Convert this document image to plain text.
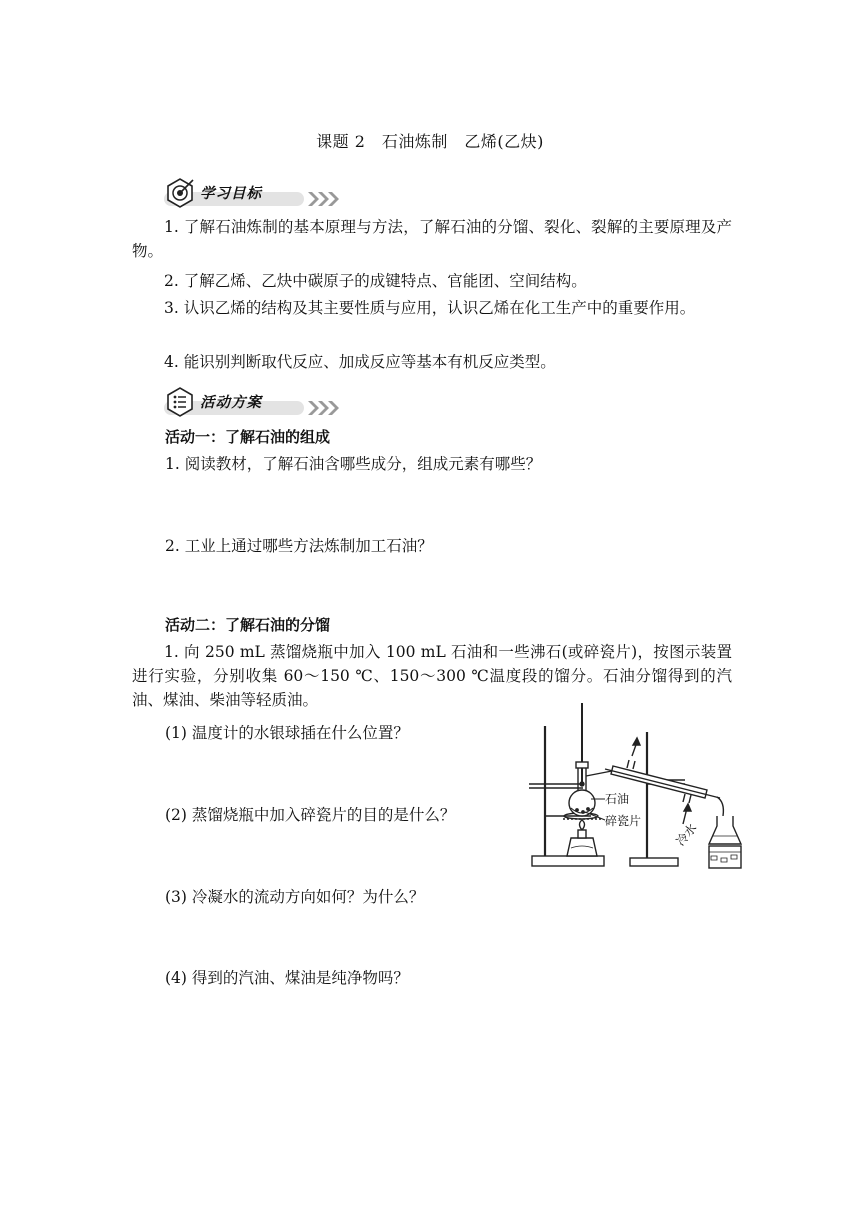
课题 2　石油炼制　乙烯(乙炔)
学习目标
1. 了解石油炼制的基本原理与方法，了解石油的分馏、裂化、裂解的主要原理及产物。
2. 了解乙烯、乙炔中碳原子的成键特点、官能团、空间结构。
3. 认识乙烯的结构及其主要性质与应用，认识乙烯在化工生产中的重要作用。
4. 能识别判断取代反应、加成反应等基本有机反应类型。
活动方案
活动一：了解石油的组成
1. 阅读教材，了解石油含哪些成分，组成元素有哪些？
2. 工业上通过哪些方法炼制加工石油？
活动二：了解石油的分馏
1. 向 250 mL 蒸馏烧瓶中加入 100 mL 石油和一些沸石(或碎瓷片)，按图示装置进行实验，分别收集 60～150 ℃、150～300 ℃温度段的馏分。石油分馏得到的汽油、煤油、柴油等轻质油。
(1) 温度计的水银球插在什么位置？
(2) 蒸馏烧瓶中加入碎瓷片的目的是什么？
(3) 冷凝水的流动方向如何？为什么？
(4) 得到的汽油、煤油是纯净物吗？
石油
碎瓷片	冷水
